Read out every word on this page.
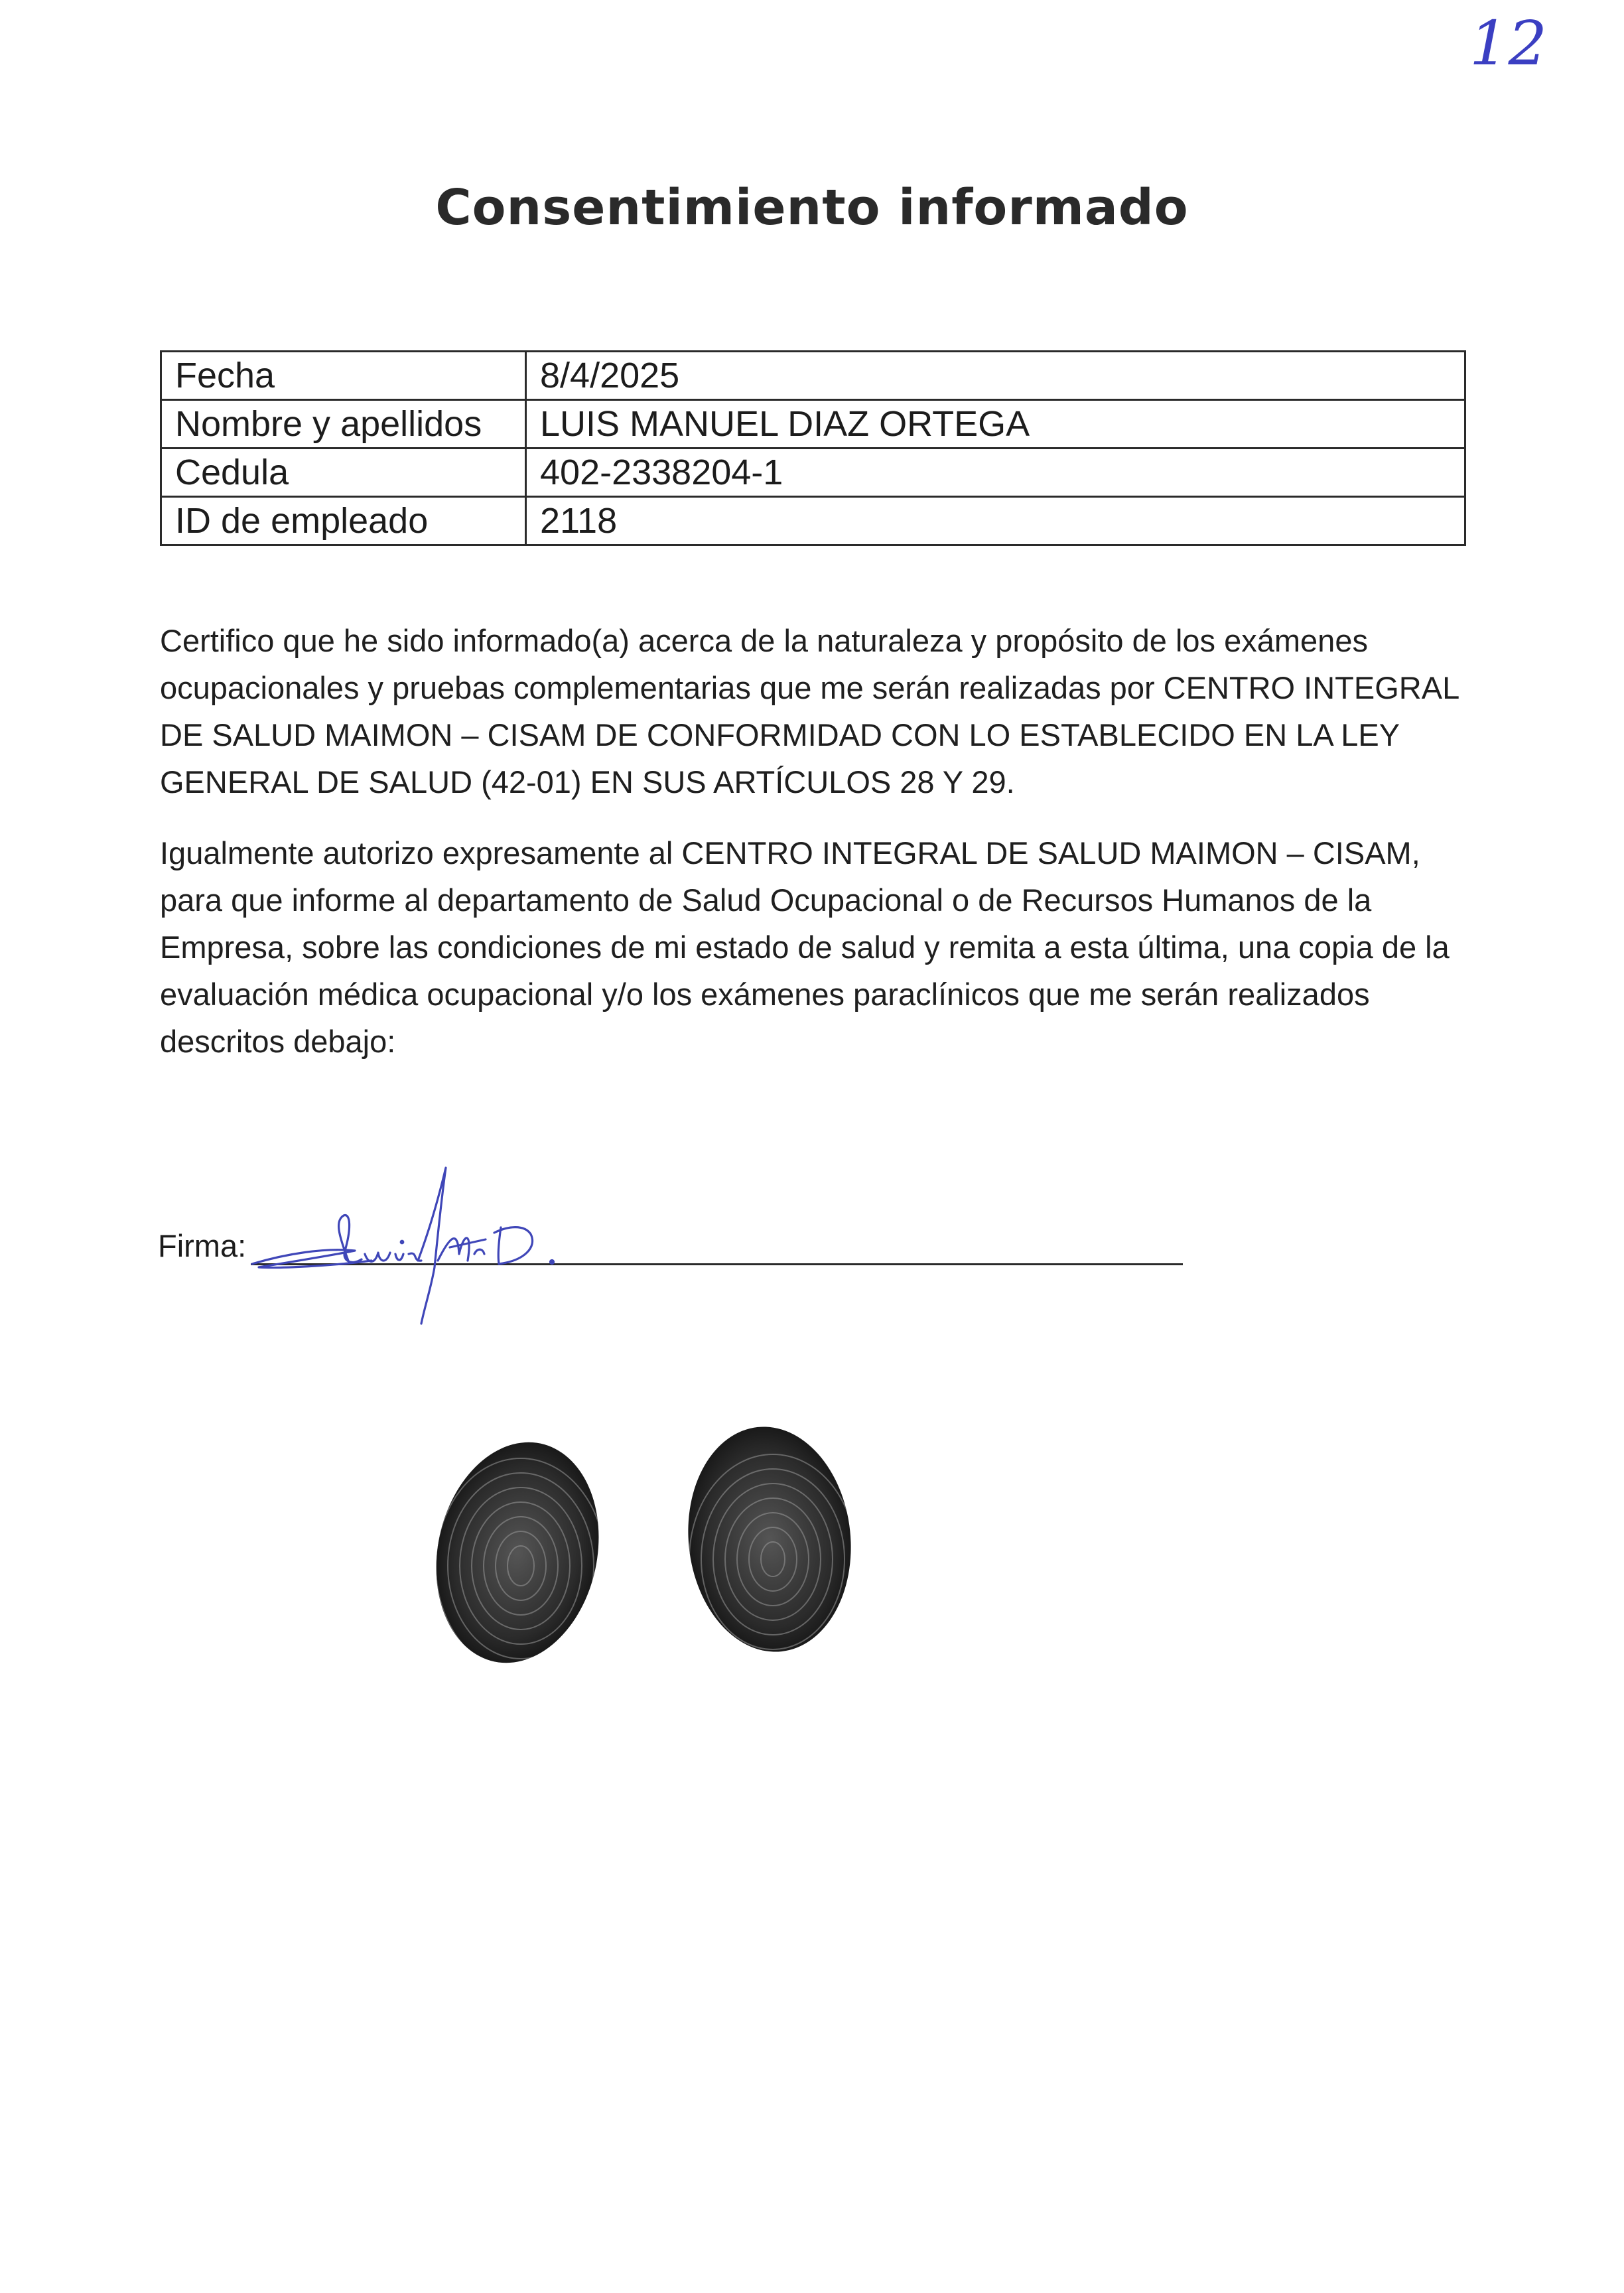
12
Consentimiento informado
Fecha	8/4/2025
Nombre y apellidos	LUIS MANUEL DIAZ ORTEGA
Cedula	402-2338204-1
ID de empleado	2118
Certifico que he sido informado(a) acerca de la naturaleza y propósito de los exámenes ocupacionales y pruebas complementarias que me serán realizadas por CENTRO INTEGRAL DE SALUD MAIMON – CISAM DE CONFORMIDAD CON LO ESTABLECIDO EN LA LEY GENERAL DE SALUD (42-01) EN SUS ARTÍCULOS 28 Y 29.
Igualmente autorizo expresamente al CENTRO INTEGRAL DE SALUD MAIMON – CISAM, para que informe al departamento de Salud Ocupacional o de Recursos Humanos de la Empresa, sobre las condiciones de mi estado de salud y remita a esta última, una copia de la evaluación médica ocupacional y/o los exámenes paraclínicos que me serán realizados descritos debajo:
Firma:
